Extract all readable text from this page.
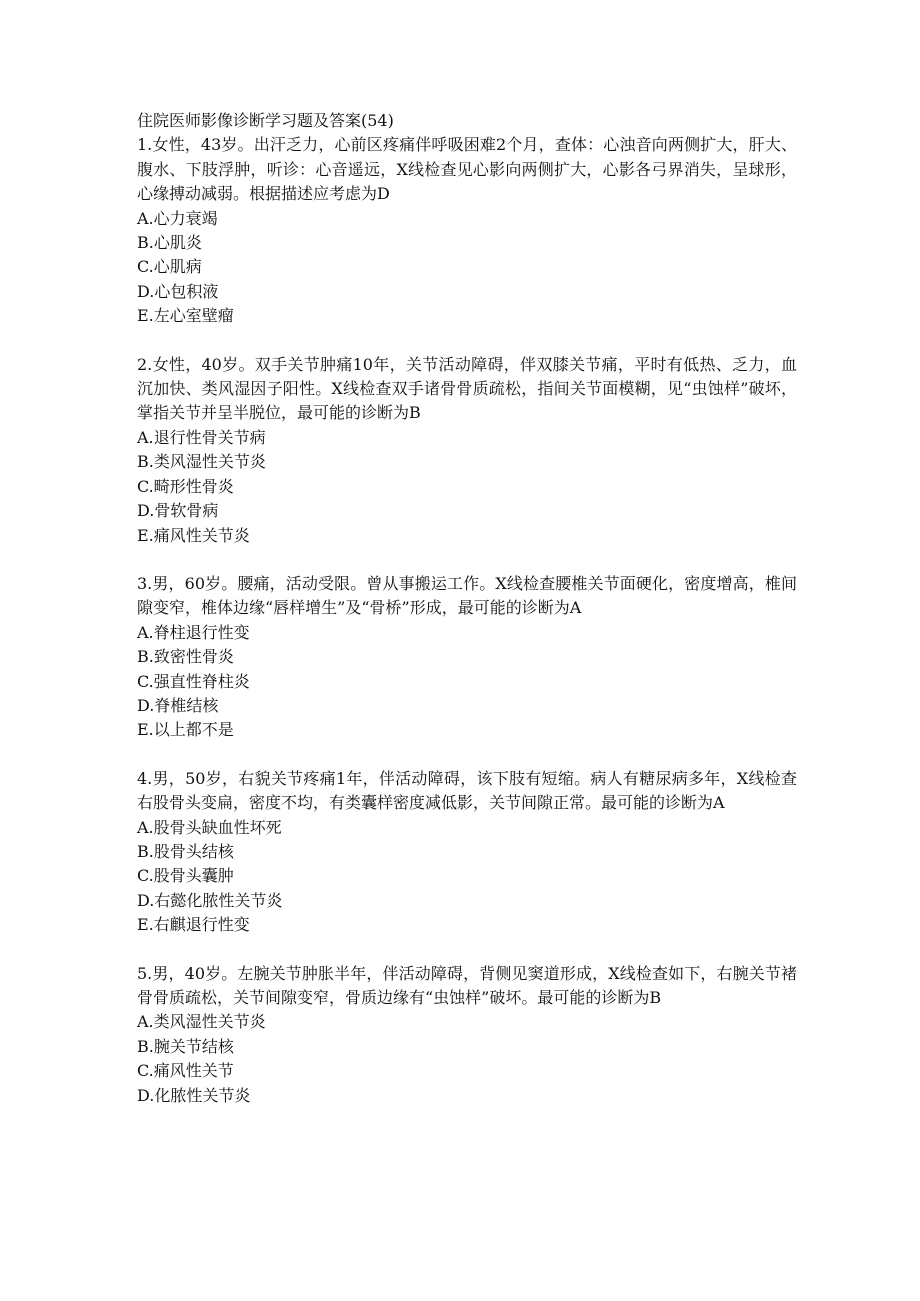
住院医师影像诊断学习题及答案(54)

1.女性，43岁。出汗乏力，心前区疼痛伴呼吸困难2个月，查体：心浊音向两侧扩大，肝大、腹水、下肢浮肿，听诊：心音遥远，X线检查见心影向两侧扩大，心影各弓界消失，呈球形，心缘搏动减弱。根据描述应考虑为D

A.心力衰竭
B.心肌炎
C.心肌病
D.心包积液
E.左心室壁瘤

2.女性，40岁。双手关节肿痛10年，关节活动障碍，伴双膝关节痛，平时有低热、乏力，血沉加快、类风湿因子阳性。X线检查双手诸骨骨质疏松，指间关节面模糊，见“虫蚀样”破坏，掌指关节并呈半脱位，最可能的诊断为B

A.退行性骨关节病
B.类风湿性关节炎
C.畸形性骨炎
D.骨软骨病
E.痛风性关节炎

3.男，60岁。腰痛，活动受限。曾从事搬运工作。X线检查腰椎关节面硬化，密度增高，椎间隙变窄，椎体边缘“唇样增生”及“骨桥”形成，最可能的诊断为A

A.脊柱退行性变
B.致密性骨炎
C.强直性脊柱炎
D.脊椎结核
E.以上都不是

4.男，50岁，右貌关节疼痛1年，伴活动障碍，该下肢有短缩。病人有糖尿病多年，X线检查右股骨头变扁，密度不均，有类囊样密度减低影，关节间隙正常。最可能的诊断为A

A.股骨头缺血性坏死
B.股骨头结核
C.股骨头囊肿
D.右懿化脓性关节炎
E.右麒退行性变

5.男，40岁。左腕关节肿胀半年，伴活动障碍，背侧见窦道形成，X线检查如下，右腕关节褚骨骨质疏松，关节间隙变窄，骨质边缘有“虫蚀样”破坏。最可能的诊断为B

A.类风湿性关节炎
B.腕关节结核
C.痛风性关节
D.化脓性关节炎
